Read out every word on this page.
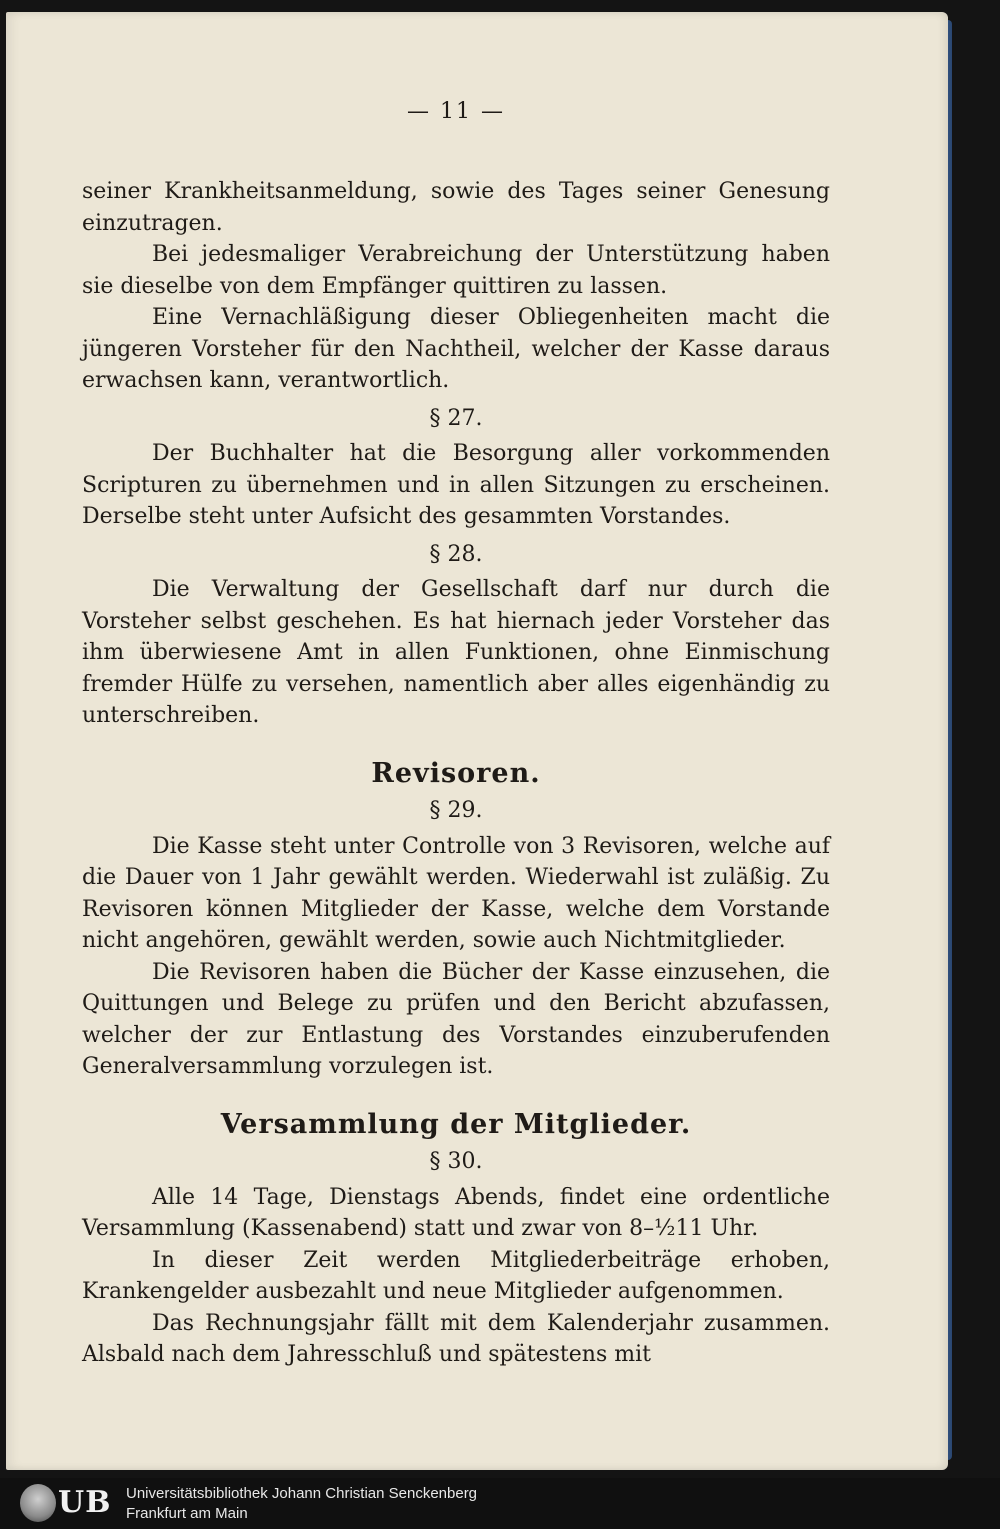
— 11 —

seiner Krankheitsanmeldung, sowie des Tages seiner Genesung einzutragen.

Bei jedesmaliger Verabreichung der Unterstützung haben sie dieselbe von dem Empfänger quittiren zu lassen.

Eine Vernachläßigung dieser Obliegenheiten macht die jüngeren Vorsteher für den Nachtheil, welcher der Kasse daraus erwachsen kann, verantwortlich.

§ 27.

Der Buchhalter hat die Besorgung aller vorkommenden Scripturen zu übernehmen und in allen Sitzungen zu erscheinen. Derselbe steht unter Aufsicht des gesammten Vorstandes.

§ 28.

Die Verwaltung der Gesellschaft darf nur durch die Vorsteher selbst geschehen. Es hat hiernach jeder Vorsteher das ihm überwiesene Amt in allen Funktionen, ohne Einmischung fremder Hülfe zu versehen, namentlich aber alles eigenhändig zu unterschreiben.

Revisoren.
§ 29.

Die Kasse steht unter Controlle von 3 Revisoren, welche auf die Dauer von 1 Jahr gewählt werden. Wiederwahl ist zuläßig. Zu Revisoren können Mitglieder der Kasse, welche dem Vorstande nicht angehören, gewählt werden, sowie auch Nichtmitglieder.

Die Revisoren haben die Bücher der Kasse einzusehen, die Quittungen und Belege zu prüfen und den Bericht abzufassen, welcher der zur Entlastung des Vorstandes einzuberufenden Generalversammlung vorzulegen ist.

Versammlung der Mitglieder.
§ 30.

Alle 14 Tage, Dienstags Abends, findet eine ordentliche Versammlung (Kassenabend) statt und zwar von 8–½11 Uhr.

In dieser Zeit werden Mitgliederbeiträge erhoben, Krankengelder ausbezahlt und neue Mitglieder aufgenommen.

Das Rechnungsjahr fällt mit dem Kalenderjahr zusammen. Alsbald nach dem Jahresschluß und spätestens mit

UB Universitätsbibliothek Johann Christian Senckenberg
Frankfurt am Main
